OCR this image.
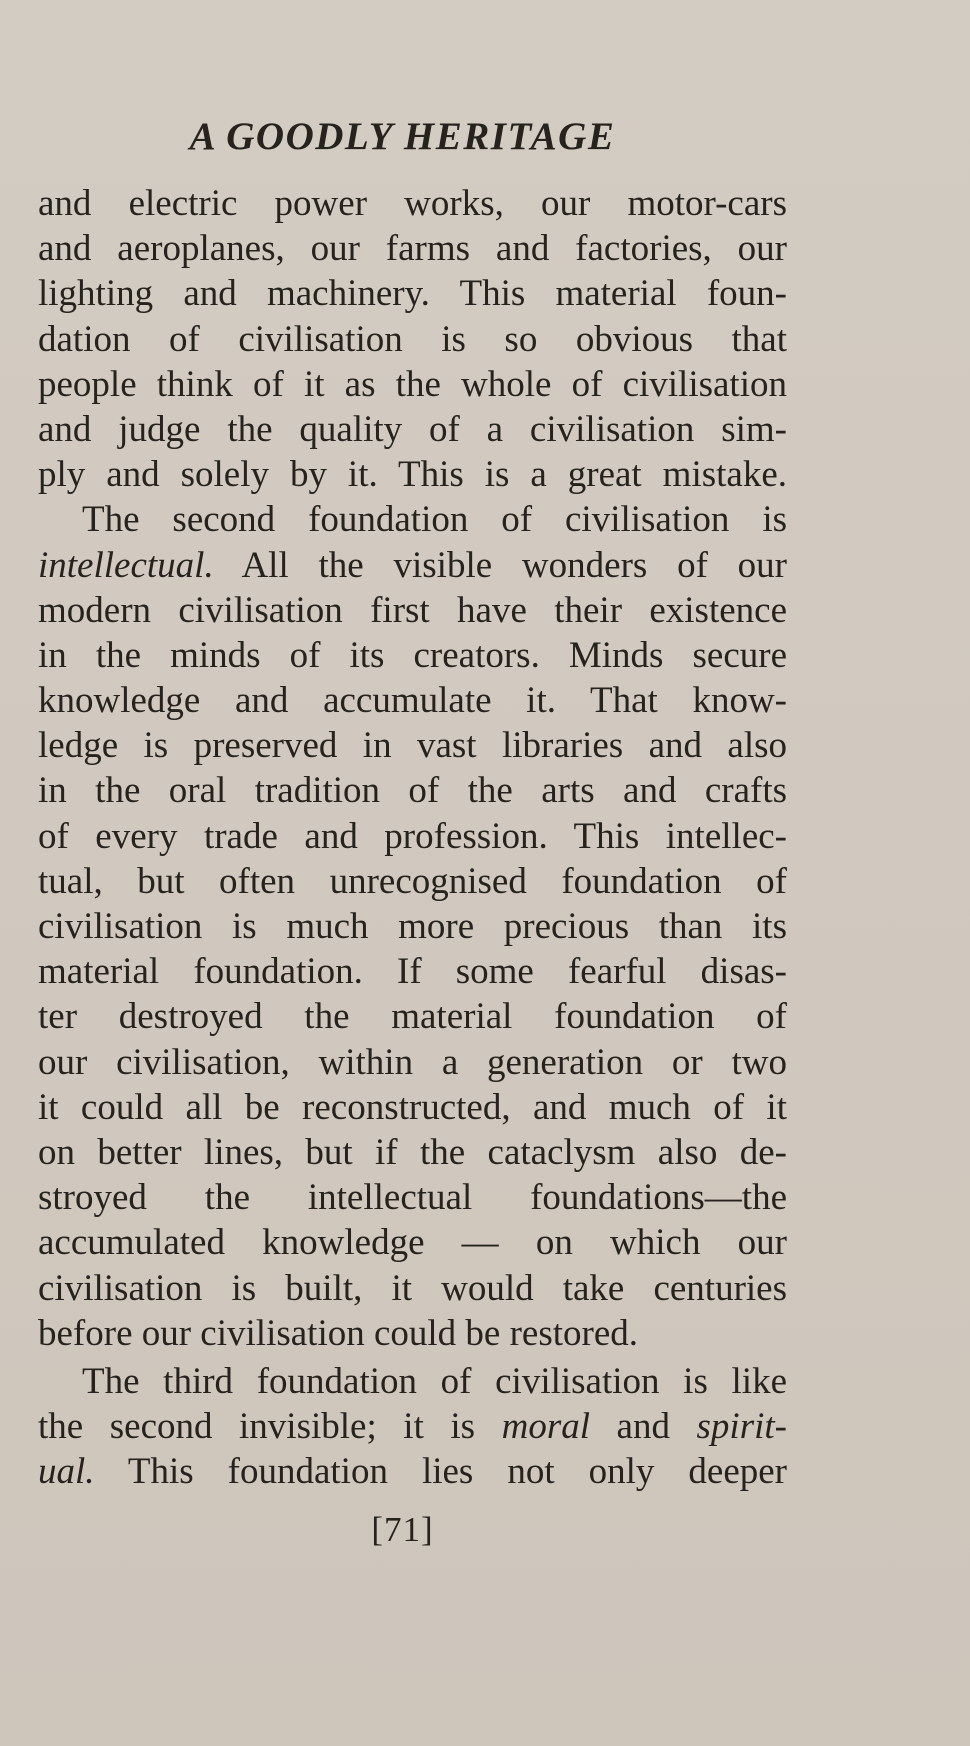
A GOODLY HERITAGE
and electric power works, our motor-cars
and aeroplanes, our farms and factories, our
lighting and machinery. This material foun-
dation of civilisation is so obvious that
people think of it as the whole of civilisation
and judge the quality of a civilisation sim-
ply and solely by it. This is a great mistake.
The second foundation of civilisation is
intellectual. All the visible wonders of our
modern civilisation first have their existence
in the minds of its creators. Minds secure
knowledge and accumulate it. That know-
ledge is preserved in vast libraries and also
in the oral tradition of the arts and crafts
of every trade and profession. This intellec-
tual, but often unrecognised foundation of
civilisation is much more precious than its
material foundation. If some fearful disas-
ter destroyed the material foundation of
our civilisation, within a generation or two
it could all be reconstructed, and much of it
on better lines, but if the cataclysm also de-
stroyed the intellectual foundations—the
accumulated knowledge — on which our
civilisation is built, it would take centuries
before our civilisation could be restored.
The third foundation of civilisation is like
the second invisible; it is moral and spirit-
ual. This foundation lies not only deeper
[71]
